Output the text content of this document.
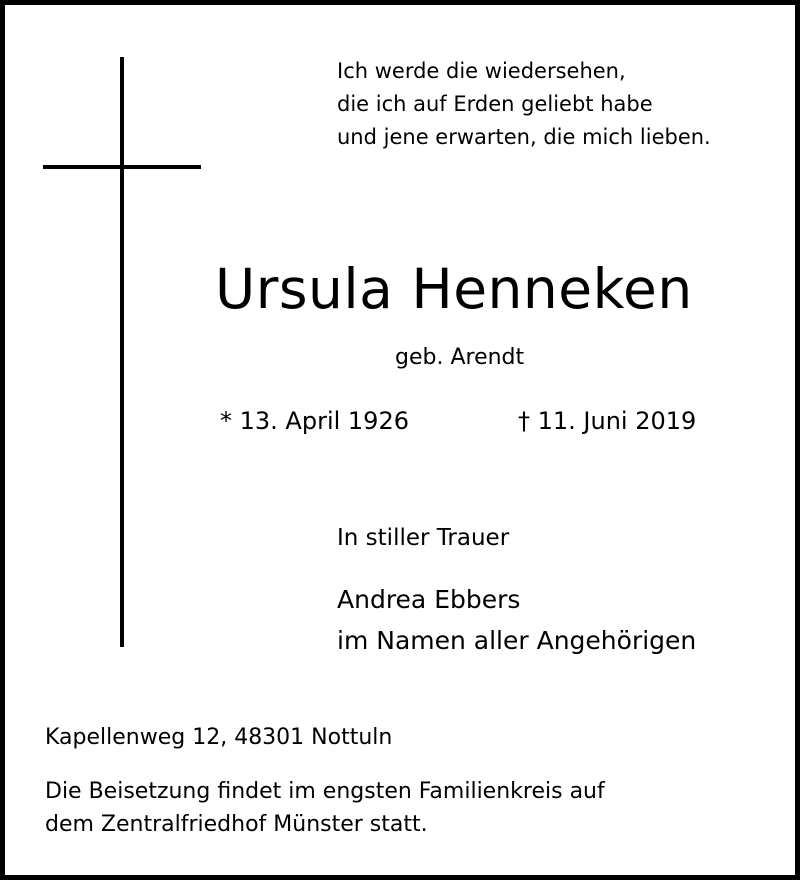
Ich werde die wiedersehen,
die ich auf Erden geliebt habe
und jene erwarten, die mich lieben.
Ursula Henneken
geb. Arendt
* 13. April 1926	† 11. Juni 2019
In stiller Trauer
Andrea Ebbers
im Namen aller Angehörigen
Kapellenweg 12, 48301 Nottuln
Die Beisetzung findet im engsten Familienkreis auf
dem Zentralfriedhof Münster statt.
